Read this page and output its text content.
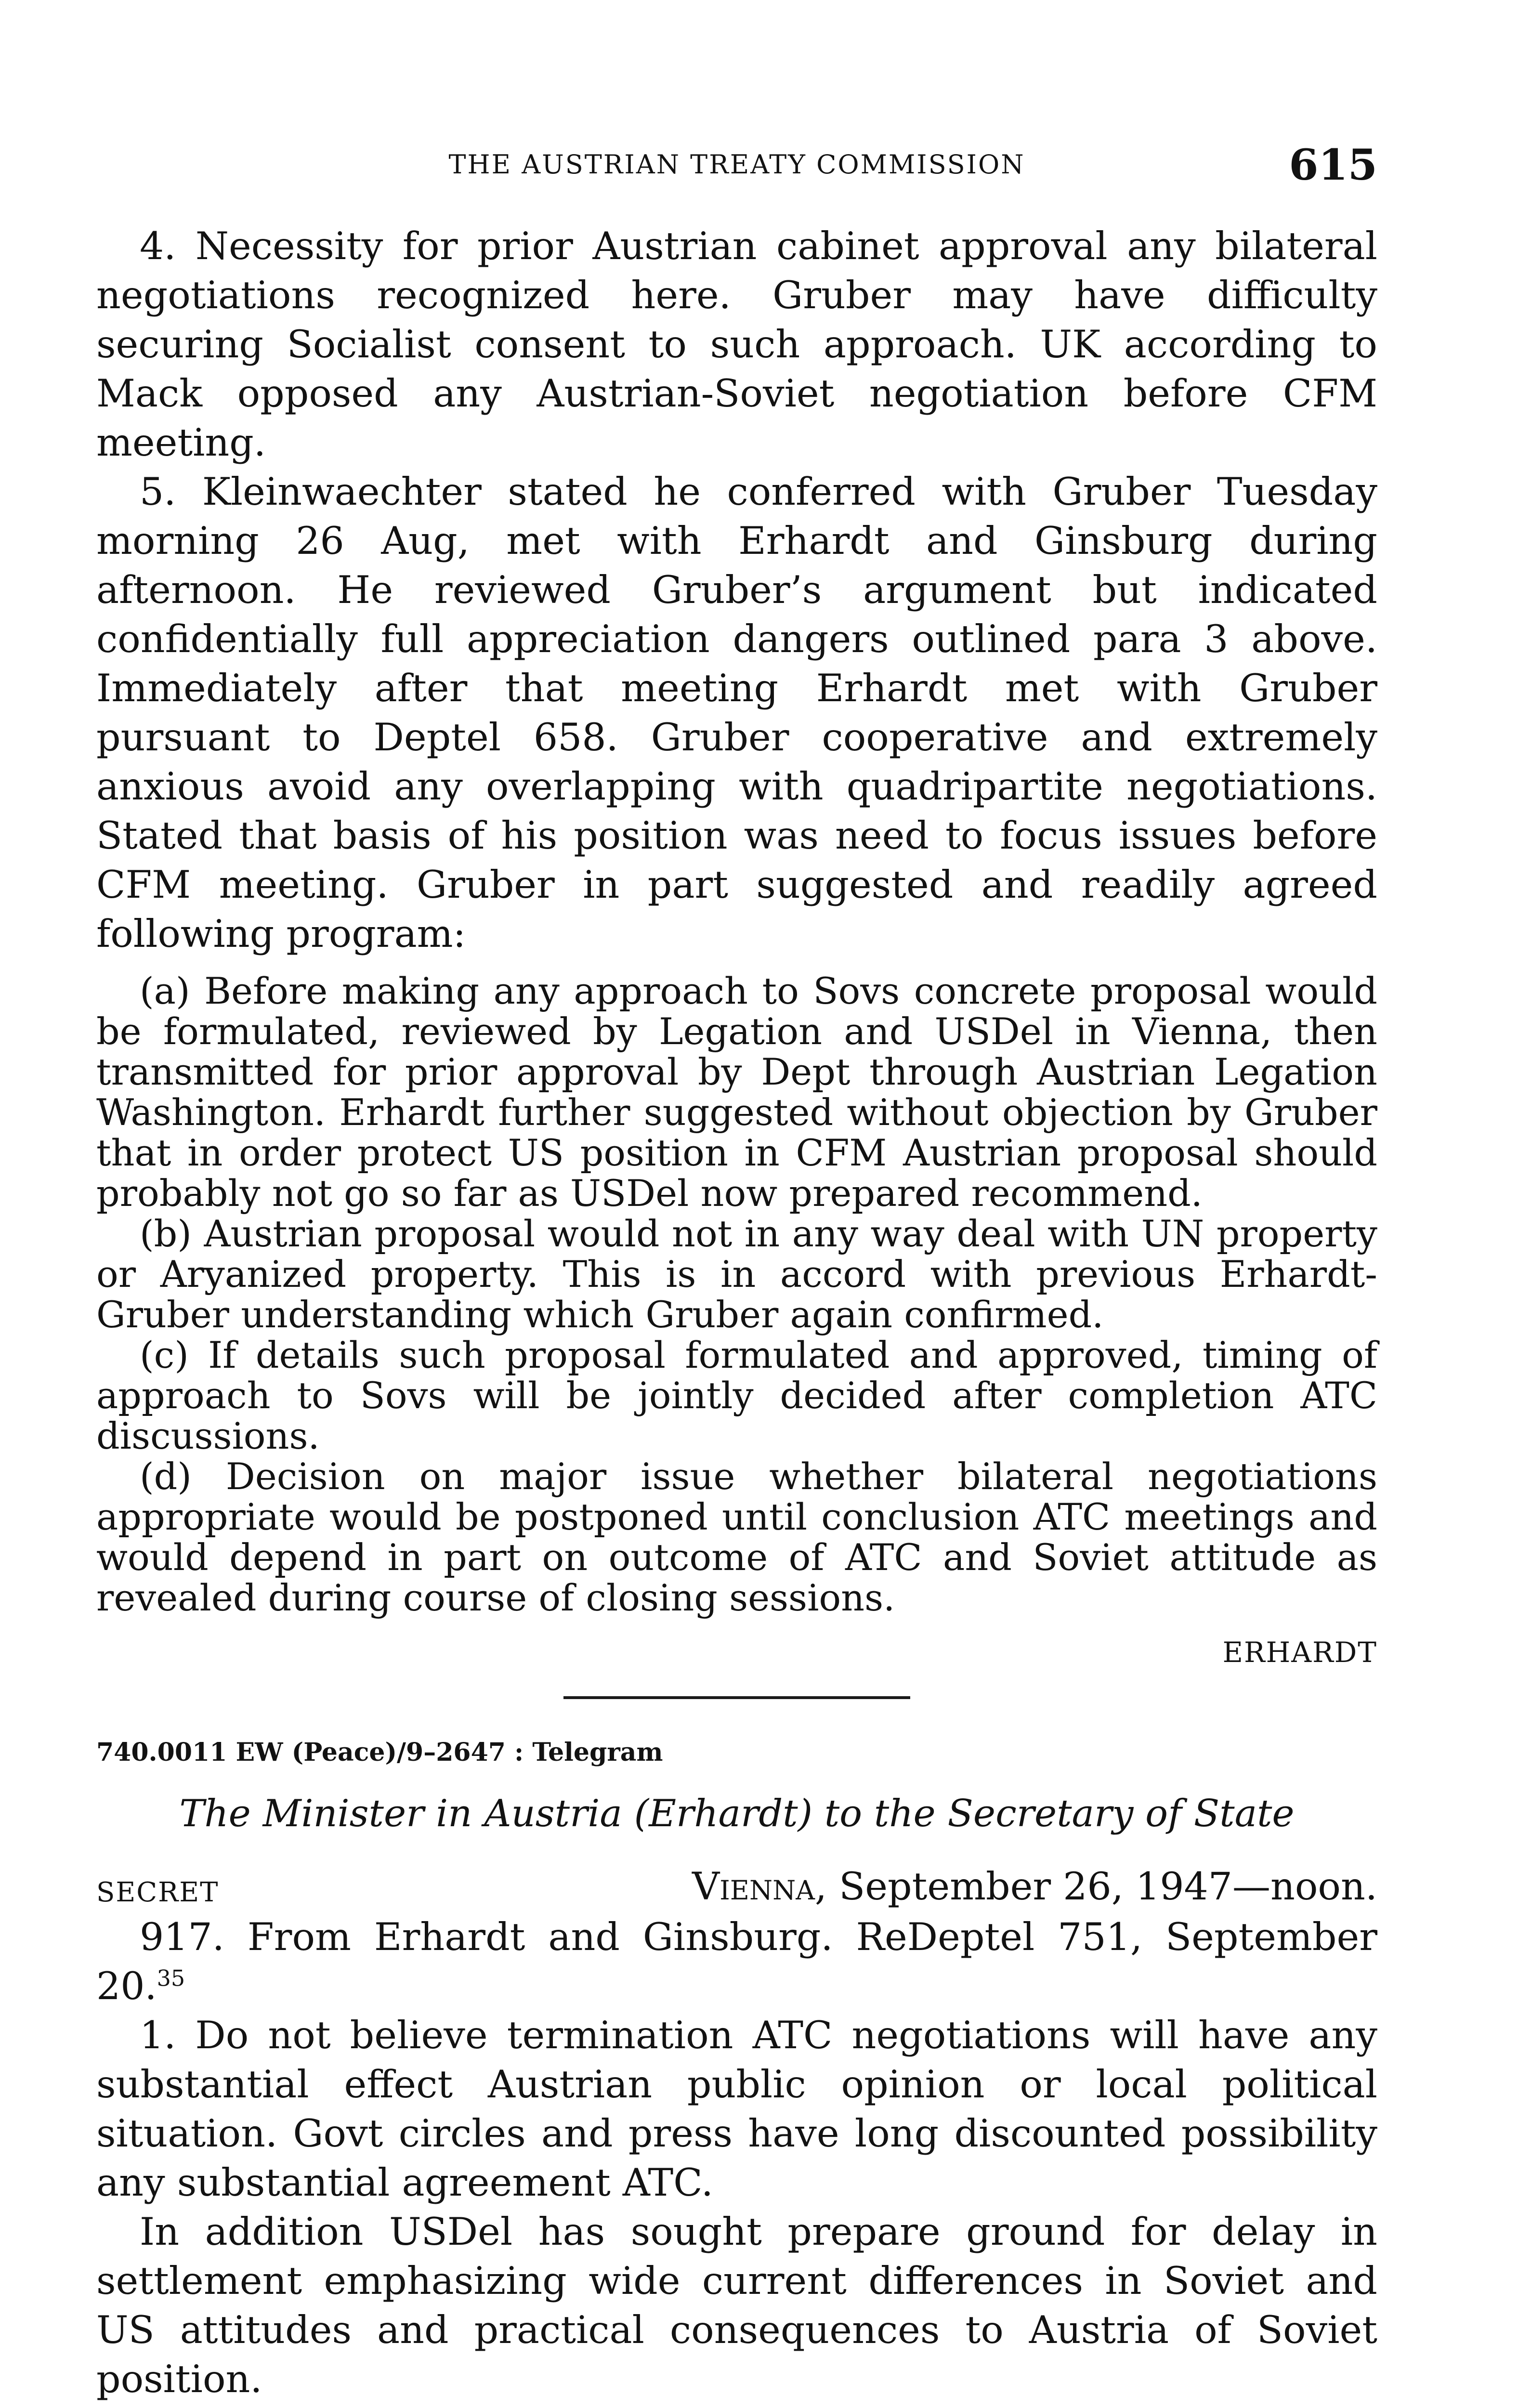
THE AUSTRIAN TREATY COMMISSION	615

4. Necessity for prior Austrian cabinet approval any bilateral negotiations recognized here. Gruber may have difficulty securing Socialist consent to such approach. UK according to Mack opposed any Austrian-Soviet negotiation before CFM meeting.

5. Kleinwaechter stated he conferred with Gruber Tuesday morning 26 Aug, met with Erhardt and Ginsburg during afternoon. He reviewed Gruber’s argument but indicated confidentially full appreciation dangers outlined para 3 above. Immediately after that meeting Erhardt met with Gruber pursuant to Deptel 658. Gruber cooperative and extremely anxious avoid any overlapping with quadripartite negotiations. Stated that basis of his position was need to focus issues before CFM meeting. Gruber in part suggested and readily agreed following program:

(a) Before making any approach to Sovs concrete proposal would be formulated, reviewed by Legation and USDel in Vienna, then transmitted for prior approval by Dept through Austrian Legation Washington. Erhardt further suggested without objection by Gruber that in order protect US position in CFM Austrian proposal should probably not go so far as USDel now prepared recommend.

(b) Austrian proposal would not in any way deal with UN property or Aryanized property. This is in accord with previous Erhardt-Gruber understanding which Gruber again confirmed.

(c) If details such proposal formulated and approved, timing of approach to Sovs will be jointly decided after completion ATC discussions.

(d) Decision on major issue whether bilateral negotiations appropriate would be postponed until conclusion ATC meetings and would depend in part on outcome of ATC and Soviet attitude as revealed during course of closing sessions.

ERHARDT
740.0011 EW (Peace)/9–2647 : Telegram
The Minister in Austria (Erhardt) to the Secretary of State
SECRET	Vienna, September 26, 1947—noon.

917. From Erhardt and Ginsburg. ReDeptel 751, September 20.35

1. Do not believe termination ATC negotiations will have any substantial effect Austrian public opinion or local political situation. Govt circles and press have long discounted possibility any substantial agreement ATC.

In addition USDel has sought prepare ground for delay in settlement emphasizing wide current differences in Soviet and US attitudes and practical consequences to Austria of Soviet position.
